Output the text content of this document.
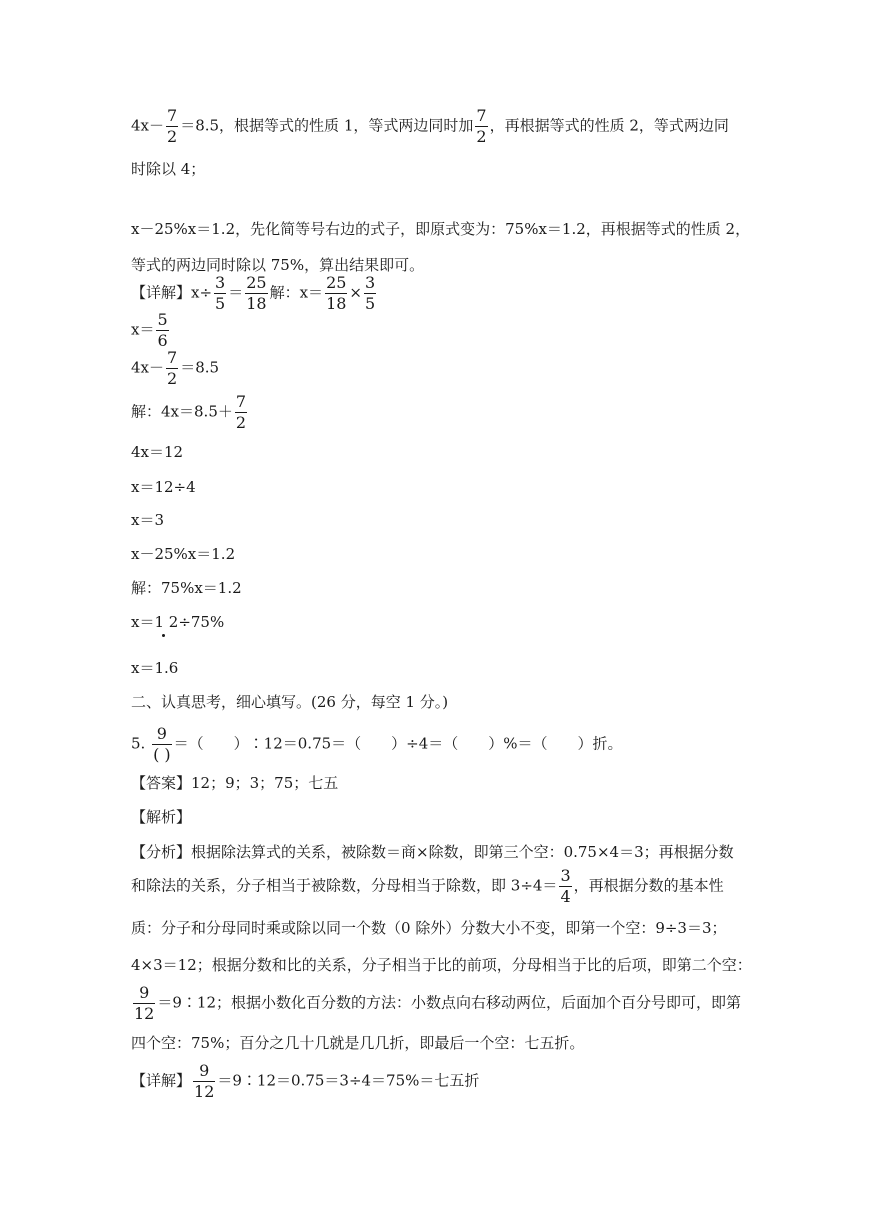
$4x- \frac{7}{2} =8.5$，根据等式的性质 1，等式两边同时加 $\frac{7}{2}$ ，再根据等式的性质 2，等式两边同
时除以 4；
x－25%x＝1.2，先化简等号右边的式子，即原式变为：75%x＝1.2，再根据等式的性质 2，
等式的两边同时除以 75%，算出结果即可。
【详解】$x\div \frac{3}{5} = \frac{25}{18}$ 解：$x= \frac{25}{18} \times \frac{3}{5}$
$x= \frac{5}{6}$
$4x- \frac{7}{2} =8.5$
解：$4x=8.5+ \frac{7}{2}$
4x＝12
x＝12÷4
x＝3
x－25%x＝1.2
解：75%x＝1.2
x＝1 2÷75%
x＝1.6
二、认真思考，细心填写。(26 分，每空 1 分。)
5. $\frac{9}{( )}$ ＝（　　）∶12＝0.75＝（　　）÷4＝（　　）%＝（　　）折。
【答案】12；9；3；75；七五
【解析】
【分析】根据除法算式的关系，被除数＝商×除数，即第三个空：0.75×4＝3；再根据分数
和除法的关系，分子相当于被除数，分母相当于除数，即 $3\div 4= \frac{3}{4}$ ，再根据分数的基本性
质：分子和分母同时乘或除以同一个数（0 除外）分数大小不变，即第一个空：9÷3＝3；
4×3＝12；根据分数和比的关系，分子相当于比的前项，分母相当于比的后项，即第二个空：
$\frac{9}{12}$ ＝9∶12；根据小数化百分数的方法：小数点向右移动两位，后面加个百分号即可，即第
四个空：75%；百分之几十几就是几几折，即最后一个空：七五折。
【详解】 $\frac{9}{12}$ ＝9∶12＝0.75＝3÷4＝75%＝七五折
